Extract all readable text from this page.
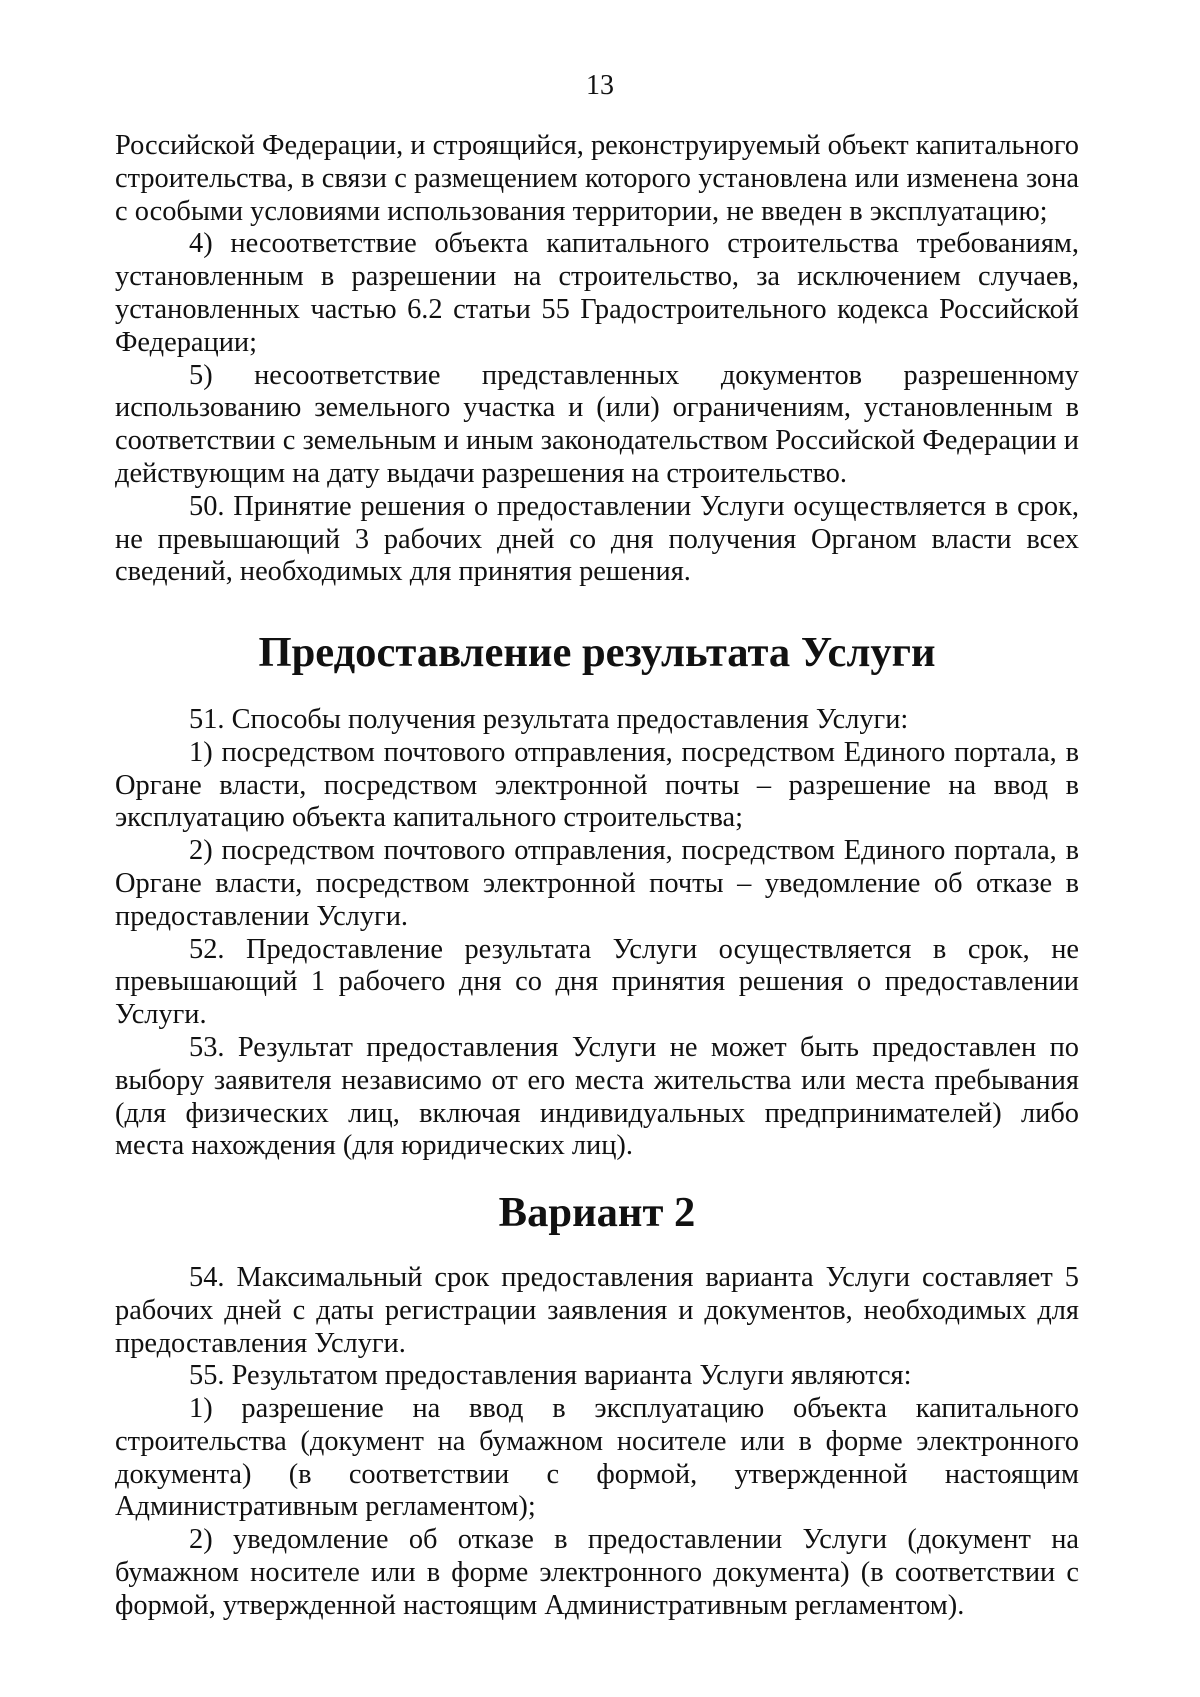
13

Российской Федерации, и строящийся, реконструируемый объект капитального строительства, в связи с размещением которого установлена или изменена зона с особыми условиями использования территории, не введен в эксплуатацию;

4) несоответствие объекта капитального строительства требованиям, установленным в разрешении на строительство, за исключением случаев, установленных частью 6.2 статьи 55 Градостроительного кодекса Российской Федерации;

5) несоответствие представленных документов разрешенному использованию земельного участка и (или) ограничениям, установленным в соответствии с земельным и иным законодательством Российской Федерации и действующим на дату выдачи разрешения на строительство.

50. Принятие решения о предоставлении Услуги осуществляется в срок, не превышающий 3 рабочих дней со дня получения Органом власти всех сведений, необходимых для принятия решения.

Предоставление результата Услуги

51. Способы получения результата предоставления Услуги:

1) посредством почтового отправления, посредством Единого портала, в Органе власти, посредством электронной почты – разрешение на ввод в эксплуатацию объекта капитального строительства;

2) посредством почтового отправления, посредством Единого портала, в Органе власти, посредством электронной почты – уведомление об отказе в предоставлении Услуги.

52. Предоставление результата Услуги осуществляется в срок, не превышающий 1 рабочего дня со дня принятия решения о предоставлении Услуги.

53. Результат предоставления Услуги не может быть предоставлен по выбору заявителя независимо от его места жительства или места пребывания (для физических лиц, включая индивидуальных предпринимателей) либо места нахождения (для юридических лиц).

Вариант 2

54. Максимальный срок предоставления варианта Услуги составляет 5 рабочих дней с даты регистрации заявления и документов, необходимых для предоставления Услуги.

55. Результатом предоставления варианта Услуги являются:

1) разрешение на ввод в эксплуатацию объекта капитального строительства (документ на бумажном носителе или в форме электронного документа) (в соответствии с формой, утвержденной настоящим Административным регламентом);

2) уведомление об отказе в предоставлении Услуги (документ на бумажном носителе или в форме электронного документа) (в соответствии с формой, утвержденной настоящим Административным регламентом).
